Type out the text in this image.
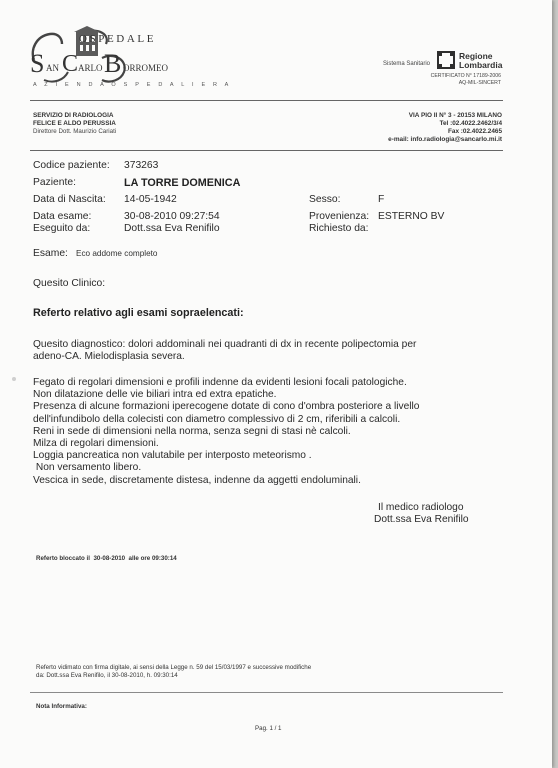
OSPEDALE
S AN C ARLO B ORROMEO
A Z I E N D A O S P E D A L I E R A
Sistema Sanitario
Regione
Lombardia
CERTIFICATO N° 17189-2006
AQ-MIL-SINCERT
SERVIZIO DI RADIOLOGIA
FELICE E ALDO PERUSSIA
Direttore Dott. Maurizio Cariati
VIA PIO II N° 3 - 20153 MILANO
Tel :02.4022.2462/3/4
Fax :02.4022.2465
e-mail: info.radiologia@sancarlo.mi.it
Codice paziente: 373263
Paziente:	LA TORRE DOMENICA
Data di Nascita: 14-05-1942	Sesso:	F
Data esame:	30-08-2010 09:27:54	Provenienza: ESTERNO BV
Eseguito da:	Dott.ssa Eva Renifilo	Richiesto da:
Esame: Eco addome completo
Quesito Clinico:
Referto relativo agli esami sopraelencati:
Quesito diagnostico: dolori addominali nei quadranti di dx in recente polipectomia per
adeno-CA. Mielodisplasia severa.
Fegato di regolari dimensioni e profili indenne da evidenti lesioni focali patologiche.
Non dilatazione delle vie biliari intra ed extra epatiche.
Presenza di alcune formazioni iperecogene dotate di cono d'ombra posteriore a livello
dell'infundibolo della colecisti con diametro complessivo di 2 cm, riferibili a calcoli.
Reni in sede di dimensioni nella norma, senza segni di stasi nè calcoli.
Milza di regolari dimensioni.
Loggia pancreatica non valutabile per interposto meteorismo .
Non versamento libero.
Vescica in sede, discretamente distesa, indenne da aggetti endoluminali.
Il medico radiologo
Dott.ssa Eva Renifilo
Referto bloccato il 30-08-2010 alle ore 09:30:14
Referto vidimato con firma digitale, ai sensi della Legge n. 59 del 15/03/1997 e successive modifiche
da: Dott.ssa Eva Renifilo, il 30-08-2010, h. 09:30:14
Nota Informativa:
Pag. 1 / 1
